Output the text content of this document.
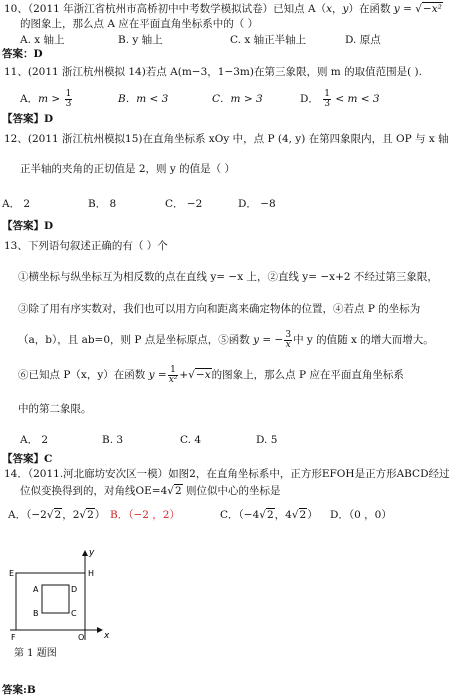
10、（2011 年浙江省杭州市高桥初中中考数学模拟试卷）已知点 A（x，y）在函数 y = √−x²
的图象上，那么点 A 应在平面直角坐标系中的（ ）
A. x 轴上	B. y 轴上	C. x 轴正半轴上	D. 原点
答案：D
11、(2011 浙江杭州模拟 14)若点 A(m−3，1−3m)在第三象限，则 m 的取值范围是( ).
A．$m > \frac{1}{3}$	B．m < 3	C．m > 3	D． $\frac{1}{3} < m < 3$
【答案】D
12、(2011 浙江杭州模拟15)在直角坐标系 xOy 中，点 P (4, y) 在第四象限内，且 OP 与 x 轴
正半轴的夹角的正切值是 2，则 y 的值是（ ）
A． 2	B． 8	C． −2	D． −8
【答案】D
13、下列语句叙述正确的有（ ）个
①横坐标与纵坐标互为相反数的点在直线 y= −x 上，②直线 y= −x+2 不经过第三象限，
③除了用有序实数对，我们也可以用方向和距离来确定物体的位置，④若点 P 的坐标为
（a，b），且 ab=0，则 P 点是坐标原点，⑤函数 y = − $\frac{3}{x}$ 中 y 的值随 x 的增大而增大。
⑥已知点 P（x，y）在函数 $y = \frac{1}{\text{x²}} +√-x$的图象上，那么点 P 应在平面直角坐标系
中的第二象限。
A． 2	B. 3	C. 4	D. 5
【答案】C
14．（2011.河北廊坊安次区一模）如图2，在直角坐标系中，正方形EFOH是正方形ABCD经过
位似变换得到的，对角线OE=4√2 则位似中心的坐标是
A．（−2√2，2√2） B．（−2 ，2）	C．（−4√2，4√2） D．（0 ，0）
E	H
A	D
B	C
F	O x
y
第 1 题图
答案:B
